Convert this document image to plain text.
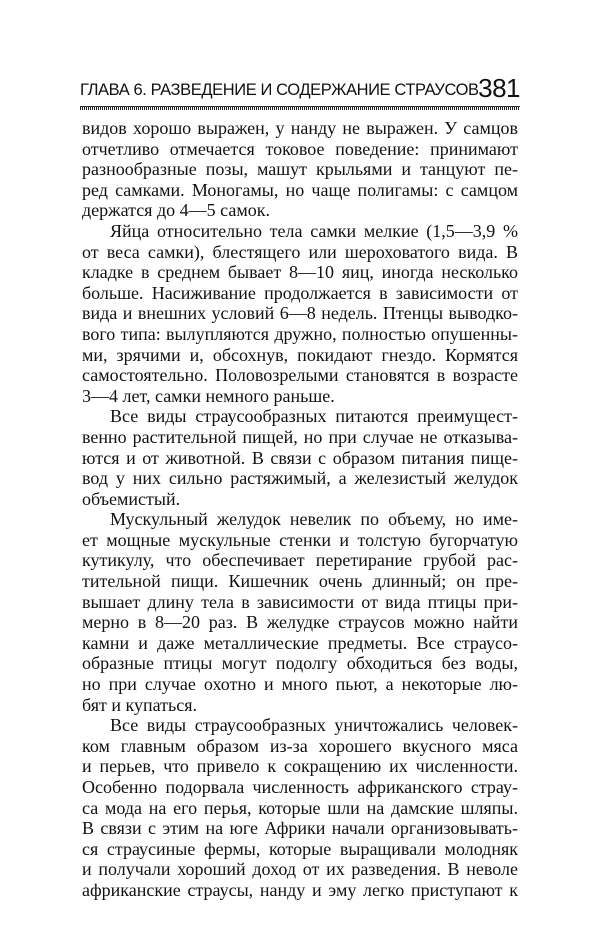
ГЛАВА 6. РАЗВЕДЕНИЕ И СОДЕРЖАНИЕ СТРАУСОВ 381
видов хорошо выражен, у нанду не выражен. У самцов
отчетливо отмечается токовое поведение: принимают
разнообразные позы, машут крыльями и танцуют пе-
ред самками. Моногамы, но чаще полигамы: с самцом
держатся до 4—5 самок.
Яйца относительно тела самки мелкие (1,5—3,9 %
от веса самки), блестящего или шероховатого вида. В
кладке в среднем бывает 8—10 яиц, иногда несколько
больше. Насиживание продолжается в зависимости от
вида и внешних условий 6—8 недель. Птенцы выводко-
вого типа: вылупляются дружно, полностью опушенны-
ми, зрячими и, обсохнув, покидают гнездо. Кормятся
самостоятельно. Половозрелыми становятся в возрасте
3—4 лет, самки немного раньше.
Все виды страусообразных питаются преимущест-
венно растительной пищей, но при случае не отказыва-
ются и от животной. В связи с образом питания пище-
вод у них сильно растяжимый, а железистый желудок
объемистый.
Мускульный желудок невелик по объему, но име-
ет мощные мускульные стенки и толстую бугорчатую
кутикулу, что обеспечивает перетирание грубой рас-
тительной пищи. Кишечник очень длинный; он пре-
вышает длину тела в зависимости от вида птицы при-
мерно в 8—20 раз. В желудке страусов можно найти
камни и даже металлические предметы. Все страусо-
образные птицы могут подолгу обходиться без воды,
но при случае охотно и много пьют, а некоторые лю-
бят и купаться.
Все виды страусообразных уничтожались человек-
ком главным образом из-за хорошего вкусного мяса
и перьев, что привело к сокращению их численности.
Особенно подорвала численность африканского страу-
са мода на его перья, которые шли на дамские шляпы.
В связи с этим на юге Африки начали организовывать-
ся страусиные фермы, которые выращивали молодняк
и получали хороший доход от их разведения. В неволе
африканские страусы, нанду и эму легко приступают к
